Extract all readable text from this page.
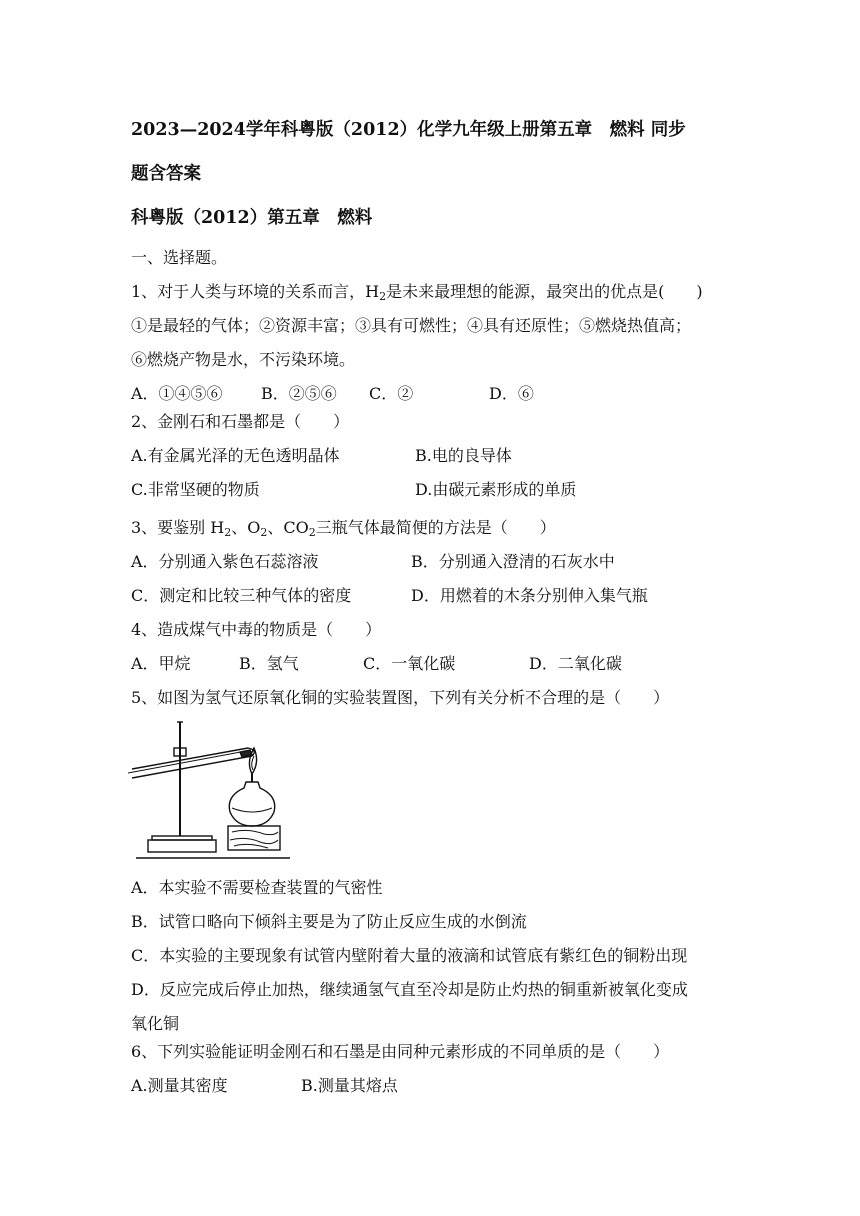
2023—2024学年科粤版（2012）化学九年级上册第五章　燃料 同步
题含答案
科粤版（2012）第五章　燃料
一、选择题。
1、对于人类与环境的关系而言，$H_2$是未来最理想的能源，最突出的优点是(　　)
①是最轻的气体；②资源丰富；③具有可燃性；④具有还原性；⑤燃烧热值高；
⑥燃烧产物是水，不污染环境。
A．①④⑤⑥ B．②⑤⑥ C．②	D．⑥
2、金刚石和石墨都是（　　）
A.有金属光泽的无色透明晶体	B.电的良导体
C.非常坚硬的物质	D.由碳元素形成的单质
3、要鉴别 $H_2$、$O_2$、$CO_2$三瓶气体最简便的方法是（　　）
A．分别通入紫色石蕊溶液	B．分别通入澄清的石灰水中
C．测定和比较三种气体的密度	D．用燃着的木条分别伸入集气瓶
4、造成煤气中毒的物质是（　　）
A．甲烷	B．氢气	C．一氧化碳	D．二氧化碳
5、如图为氢气还原氧化铜的实验装置图，下列有关分析不合理的是（　　）
A．本实验不需要检查装置的气密性
B．试管口略向下倾斜主要是为了防止反应生成的水倒流
C．本实验的主要现象有试管内壁附着大量的液滴和试管底有紫红色的铜粉出现
D．反应完成后停止加热，继续通氢气直至冷却是防止灼热的铜重新被氧化变成
氧化铜
6、下列实验能证明金刚石和石墨是由同种元素形成的不同单质的是（　　）
A.测量其密度	B.测量其熔点
